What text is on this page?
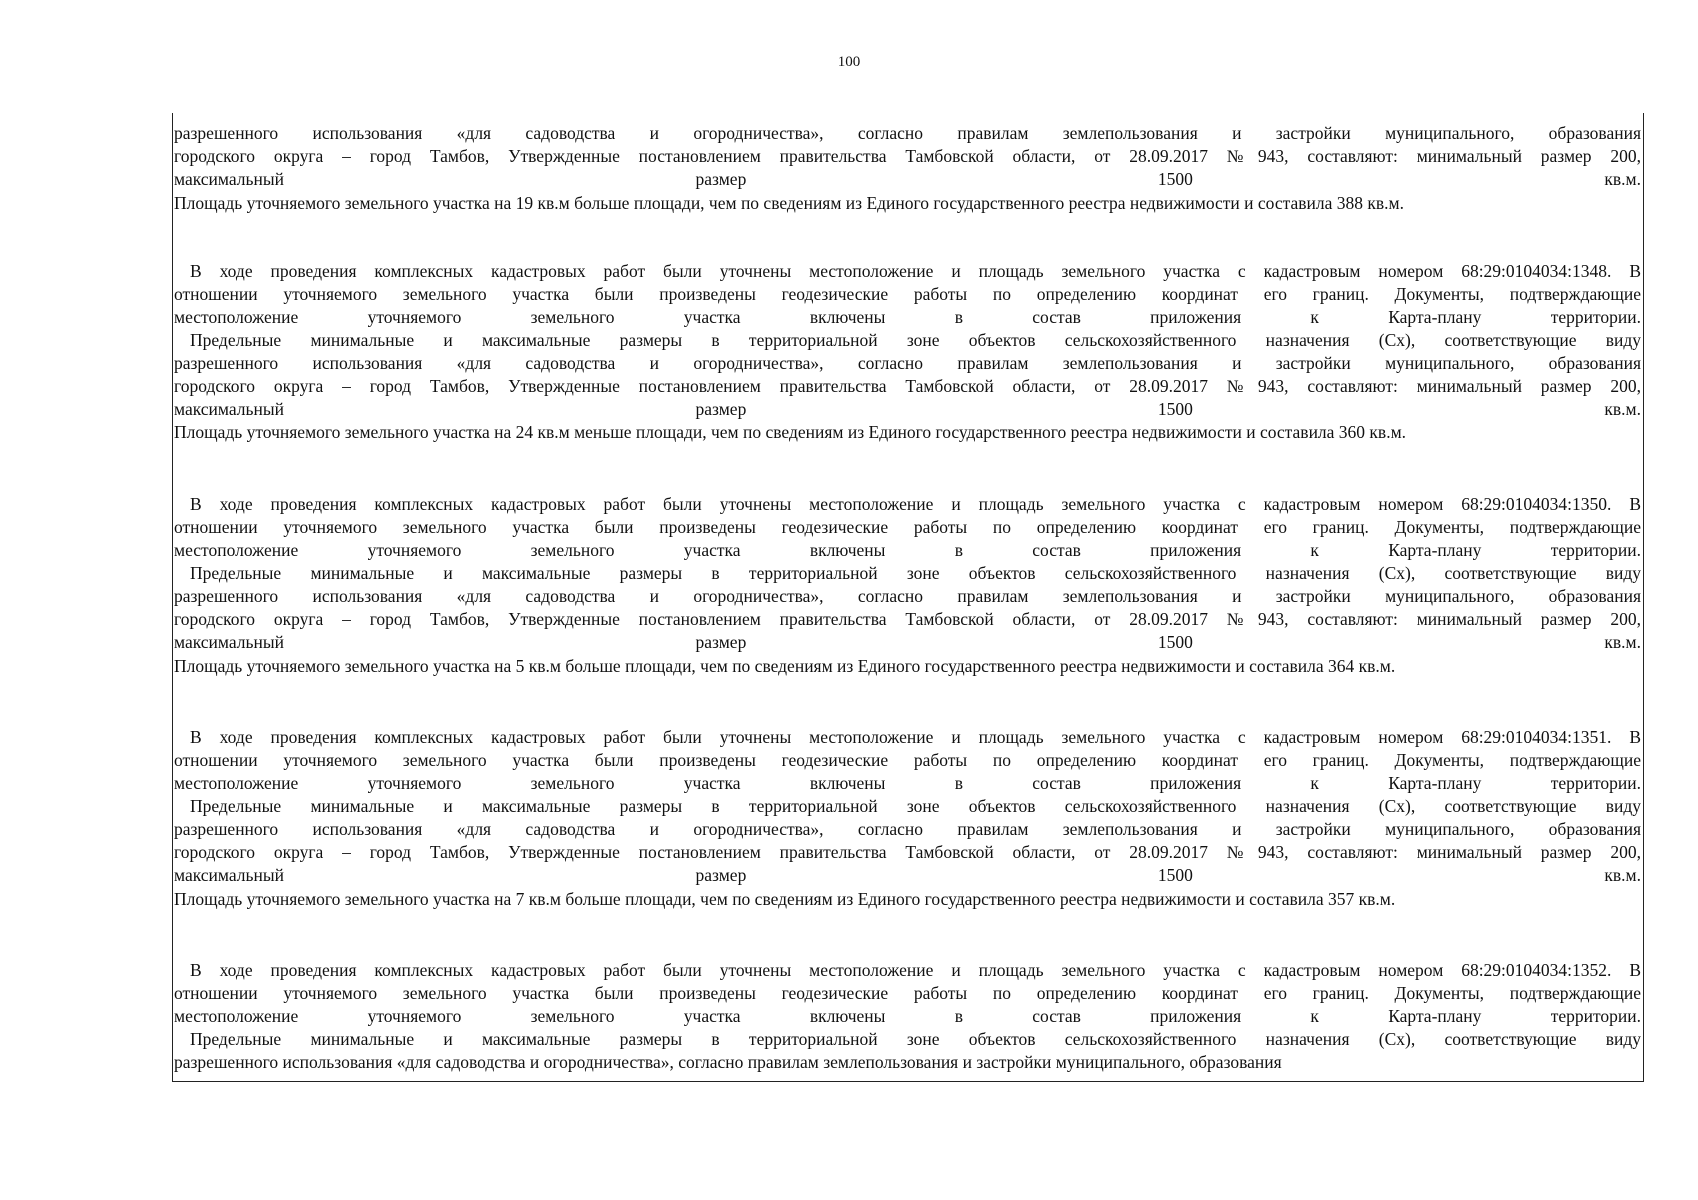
100
разрешенного использования «для садоводства и огородничества», согласно правилам землепользования и застройки муниципального, образования
городского округа – город Тамбов, Утвержденные постановлением правительства Тамбовской области, от 28.09.2017 №943, составляют: минимальный размер 200,
максимальный размер 1500 кв.м.
Площадь уточняемого земельного участка на 19 кв.м больше площади, чем по сведениям из Единого государственного реестра недвижимости и составила 388 кв.м.
В ходе проведения комплексных кадастровых работ были уточнены местоположение и площадь земельного участка с кадастровым номером 68:29:0104034:1348. В
отношении уточняемого земельного участка были произведены геодезические работы по определению координат его границ. Документы, подтверждающие
местоположение уточняемого земельного участка включены в состав приложения к Карта-плану территории.
Предельные минимальные и максимальные размеры в территориальной зоне объектов сельскохозяйственного назначения (Сх), соответствующие виду
разрешенного использования «для садоводства и огородничества», согласно правилам землепользования и застройки муниципального, образования
городского округа – город Тамбов, Утвержденные постановлением правительства Тамбовской области, от 28.09.2017 №943, составляют: минимальный размер 200,
максимальный размер 1500 кв.м.
Площадь уточняемого земельного участка на 24 кв.м меньше площади, чем по сведениям из Единого государственного реестра недвижимости и составила 360 кв.м.
В ходе проведения комплексных кадастровых работ были уточнены местоположение и площадь земельного участка с кадастровым номером 68:29:0104034:1350. В
отношении уточняемого земельного участка были произведены геодезические работы по определению координат его границ. Документы, подтверждающие
местоположение уточняемого земельного участка включены в состав приложения к Карта-плану территории.
Предельные минимальные и максимальные размеры в территориальной зоне объектов сельскохозяйственного назначения (Сх), соответствующие виду
разрешенного использования «для садоводства и огородничества», согласно правилам землепользования и застройки муниципального, образования
городского округа – город Тамбов, Утвержденные постановлением правительства Тамбовской области, от 28.09.2017 №943, составляют: минимальный размер 200,
максимальный размер 1500 кв.м.
Площадь уточняемого земельного участка на 5 кв.м больше площади, чем по сведениям из Единого государственного реестра недвижимости и составила 364 кв.м.
В ходе проведения комплексных кадастровых работ были уточнены местоположение и площадь земельного участка с кадастровым номером 68:29:0104034:1351. В
отношении уточняемого земельного участка были произведены геодезические работы по определению координат его границ. Документы, подтверждающие
местоположение уточняемого земельного участка включены в состав приложения к Карта-плану территории.
Предельные минимальные и максимальные размеры в территориальной зоне объектов сельскохозяйственного назначения (Сх), соответствующие виду
разрешенного использования «для садоводства и огородничества», согласно правилам землепользования и застройки муниципального, образования
городского округа – город Тамбов, Утвержденные постановлением правительства Тамбовской области, от 28.09.2017 №943, составляют: минимальный размер 200,
максимальный размер 1500 кв.м.
Площадь уточняемого земельного участка на 7 кв.м больше площади, чем по сведениям из Единого государственного реестра недвижимости и составила 357 кв.м.
В ходе проведения комплексных кадастровых работ были уточнены местоположение и площадь земельного участка с кадастровым номером 68:29:0104034:1352. В
отношении уточняемого земельного участка были произведены геодезические работы по определению координат его границ. Документы, подтверждающие
местоположение уточняемого земельного участка включены в состав приложения к Карта-плану территории.
Предельные минимальные и максимальные размеры в территориальной зоне объектов сельскохозяйственного назначения (Сх), соответствующие виду
разрешенного использования «для садоводства и огородничества», согласно правилам землепользования и застройки муниципального, образования
